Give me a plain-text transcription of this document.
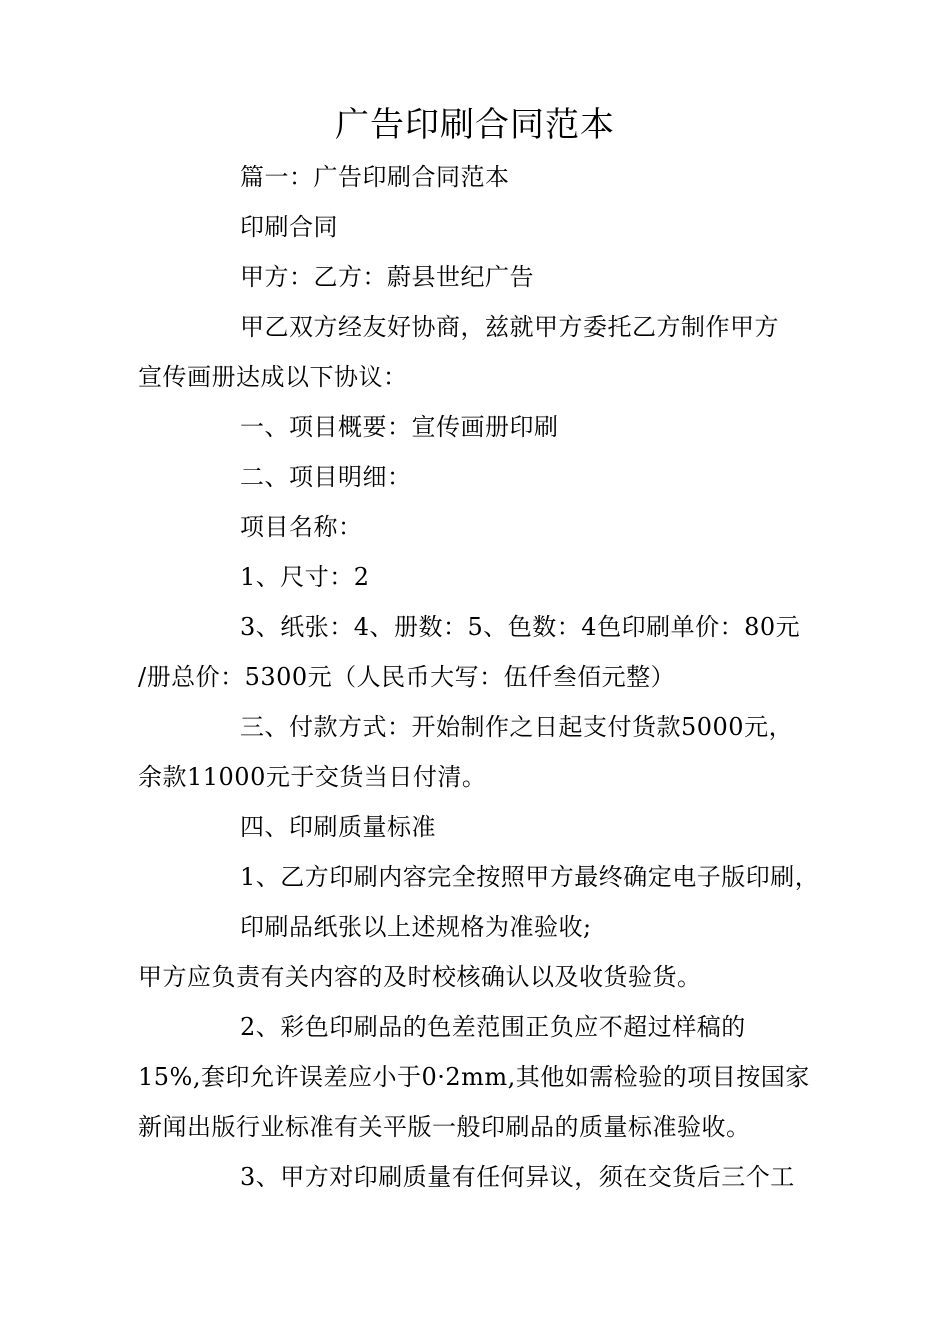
广告印刷合同范本
篇一：广告印刷合同范本
印刷合同
甲方：乙方：蔚县世纪广告
甲乙双方经友好协商，兹就甲方委托乙方制作甲方
宣传画册达成以下协议：
一、项目概要：宣传画册印刷
二、项目明细：
项目名称：
1、尺寸：2
3、纸张：4、册数：5、色数：4色印刷单价：80元
/册总价：5300元（人民币大写：伍仟叁佰元整）
三、付款方式：开始制作之日起支付货款5000元，
余款11000元于交货当日付清。
四、印刷质量标准
1、乙方印刷内容完全按照甲方最终确定电子版印刷，
印刷品纸张以上述规格为准验收;
甲方应负责有关内容的及时校核确认以及收货验货。
2、彩色印刷品的色差范围正负应不超过样稿的
15%,套印允许误差应小于0·2mm,其他如需检验的项目按国家
新闻出版行业标准有关平版一般印刷品的质量标准验收。
3、甲方对印刷质量有任何异议，须在交货后三个工
